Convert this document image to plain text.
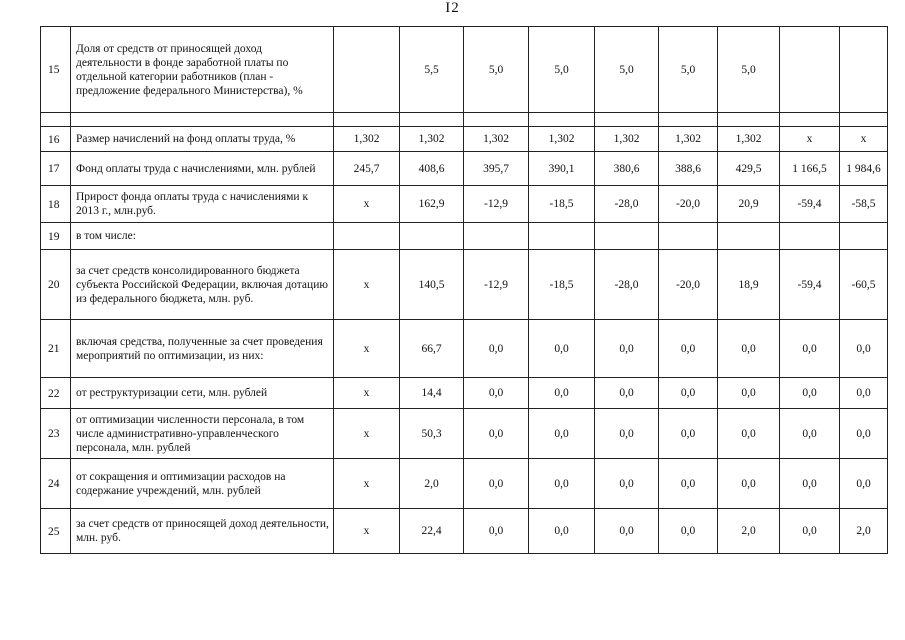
I2
15	Доля от средств от приносящей доход деятельности в фонде заработной платы по отдельной категории работников (план - предложение федерального Министерства), %		5,5	5,0	5,0	5,0	5,0	5,0		

16	Размер начислений на фонд оплаты труда, %	1,302	1,302	1,302	1,302	1,302	1,302	1,302	х	х
17	Фонд оплаты труда с начислениями, млн. рублей	245,7	408,6	395,7	390,1	380,6	388,6	429,5	1 166,5	1 984,6
18	Прирост фонда оплаты труда с начислениями к 2013 г., млн.руб.	х	162,9	-12,9	-18,5	-28,0	-20,0	20,9	-59,4	-58,5
19	в том числе:									
20	за счет средств консолидированного бюджета субъекта Российской Федерации, включая дотацию из федерального бюджета, млн. руб.	х	140,5	-12,9	-18,5	-28,0	-20,0	18,9	-59,4	-60,5
21	включая средства, полученные за счет проведения мероприятий по оптимизации, из них:	х	66,7	0,0	0,0	0,0	0,0	0,0	0,0	0,0
22	от реструктуризации сети, млн. рублей	х	14,4	0,0	0,0	0,0	0,0	0,0	0,0	0,0
23	от оптимизации численности персонала, в том числе административно-управленческого персонала, млн. рублей	х	50,3	0,0	0,0	0,0	0,0	0,0	0,0	0,0
24	от сокращения и оптимизации расходов на содержание учреждений, млн. рублей	х	2,0	0,0	0,0	0,0	0,0	0,0	0,0	0,0
25	за счет средств от приносящей доход деятельности, млн. руб.	х	22,4	0,0	0,0	0,0	0,0	2,0	0,0	2,0
